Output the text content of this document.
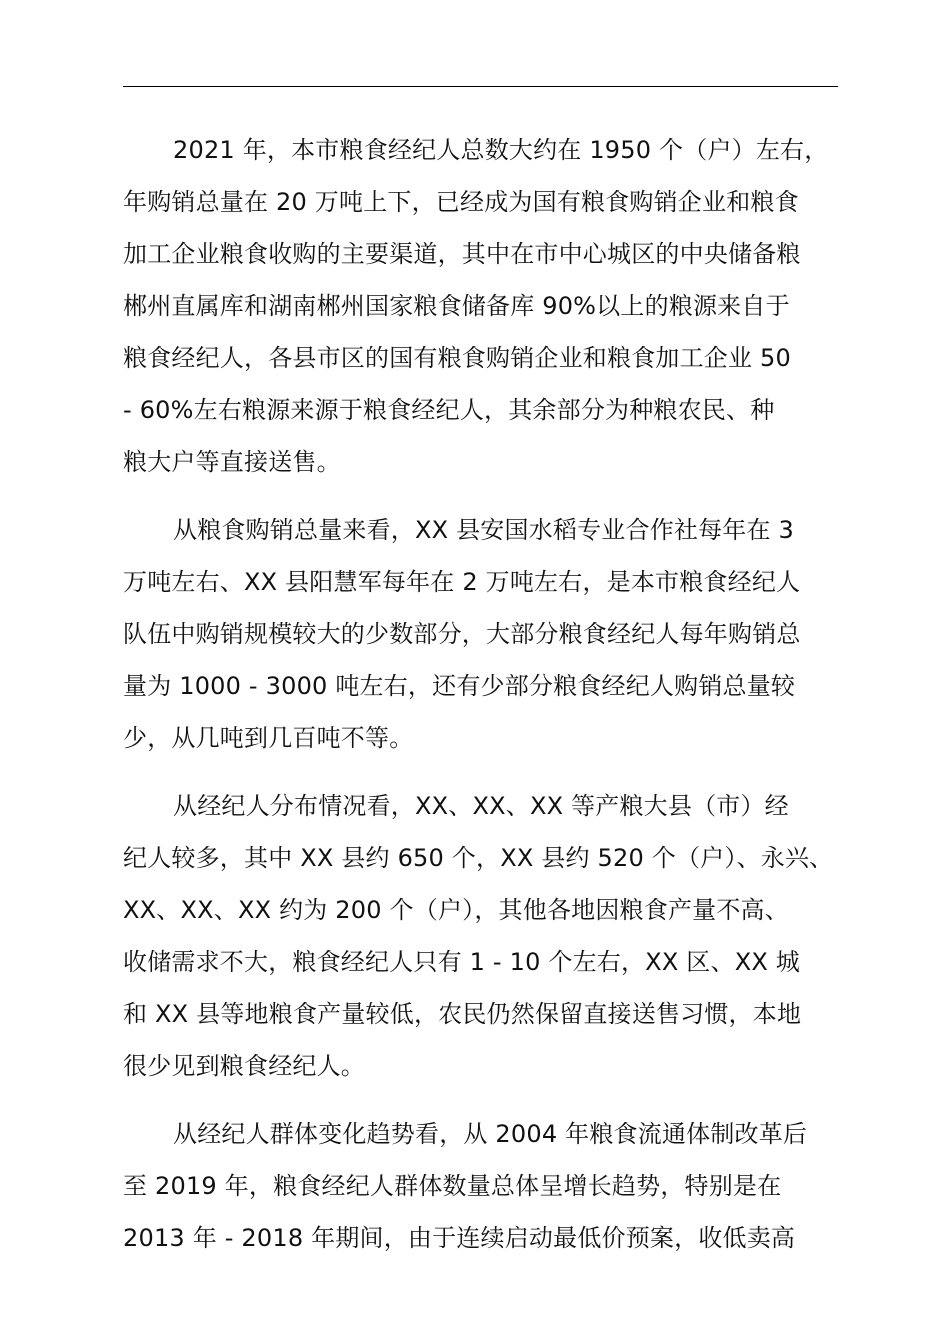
2021 年，本市粮食经纪人总数大约在 1950 个（户）左右，
年购销总量在 20 万吨上下，已经成为国有粮食购销企业和粮食
加工企业粮食收购的主要渠道，其中在市中心城区的中央储备粮
郴州直属库和湖南郴州国家粮食储备库 90%以上的粮源来自于
粮食经纪人，各县市区的国有粮食购销企业和粮食加工企业 50
- 60%左右粮源来源于粮食经纪人，其余部分为种粮农民、种
粮大户等直接送售。
从粮食购销总量来看，XX 县安国水稻专业合作社每年在 3
万吨左右、XX 县阳慧军每年在 2 万吨左右，是本市粮食经纪人
队伍中购销规模较大的少数部分，大部分粮食经纪人每年购销总
量为 1000 - 3000 吨左右，还有少部分粮食经纪人购销总量较
少，从几吨到几百吨不等。
从经纪人分布情况看，XX、XX、XX 等产粮大县（市）经
纪人较多，其中 XX 县约 650 个，XX 县约 520 个（户）、永兴、
XX、XX、XX 约为 200 个（户），其他各地因粮食产量不高、
收储需求不大，粮食经纪人只有 1 - 10 个左右，XX 区、XX 城
和 XX 县等地粮食产量较低，农民仍然保留直接送售习惯，本地
很少见到粮食经纪人。
从经纪人群体变化趋势看，从 2004 年粮食流通体制改革后
至 2019 年，粮食经纪人群体数量总体呈增长趋势，特别是在
2013 年 - 2018 年期间，由于连续启动最低价预案，收低卖高
